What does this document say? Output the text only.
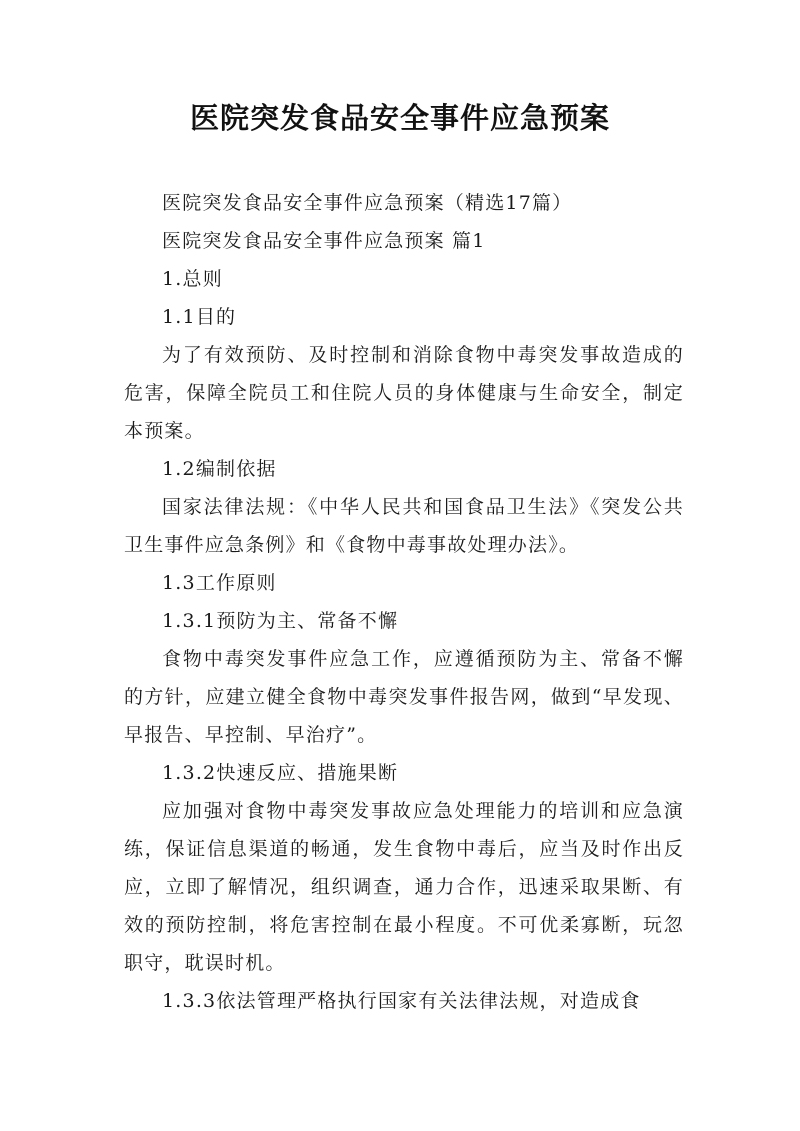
医院突发食品安全事件应急预案

医院突发食品安全事件应急预案（精选17篇）

医院突发食品安全事件应急预案 篇1

1.总则

1.1目的

为了有效预防、及时控制和消除食物中毒突发事故造成的危害，保障全院员工和住院人员的身体健康与生命安全，制定本预案。

1.2编制依据

国家法律法规：《中华人民共和国食品卫生法》《突发公共卫生事件应急条例》和《食物中毒事故处理办法》。

1.3工作原则

1.3.1预防为主、常备不懈

食物中毒突发事件应急工作，应遵循预防为主、常备不懈的方针，应建立健全食物中毒突发事件报告网，做到“早发现、早报告、早控制、早治疗”。

1.3.2快速反应、措施果断

应加强对食物中毒突发事故应急处理能力的培训和应急演练，保证信息渠道的畅通，发生食物中毒后，应当及时作出反应，立即了解情况，组织调查，通力合作，迅速采取果断、有效的预防控制，将危害控制在最小程度。不可优柔寡断，玩忽职守，耽误时机。

1.3.3依法管理严格执行国家有关法律法规，对造成食
